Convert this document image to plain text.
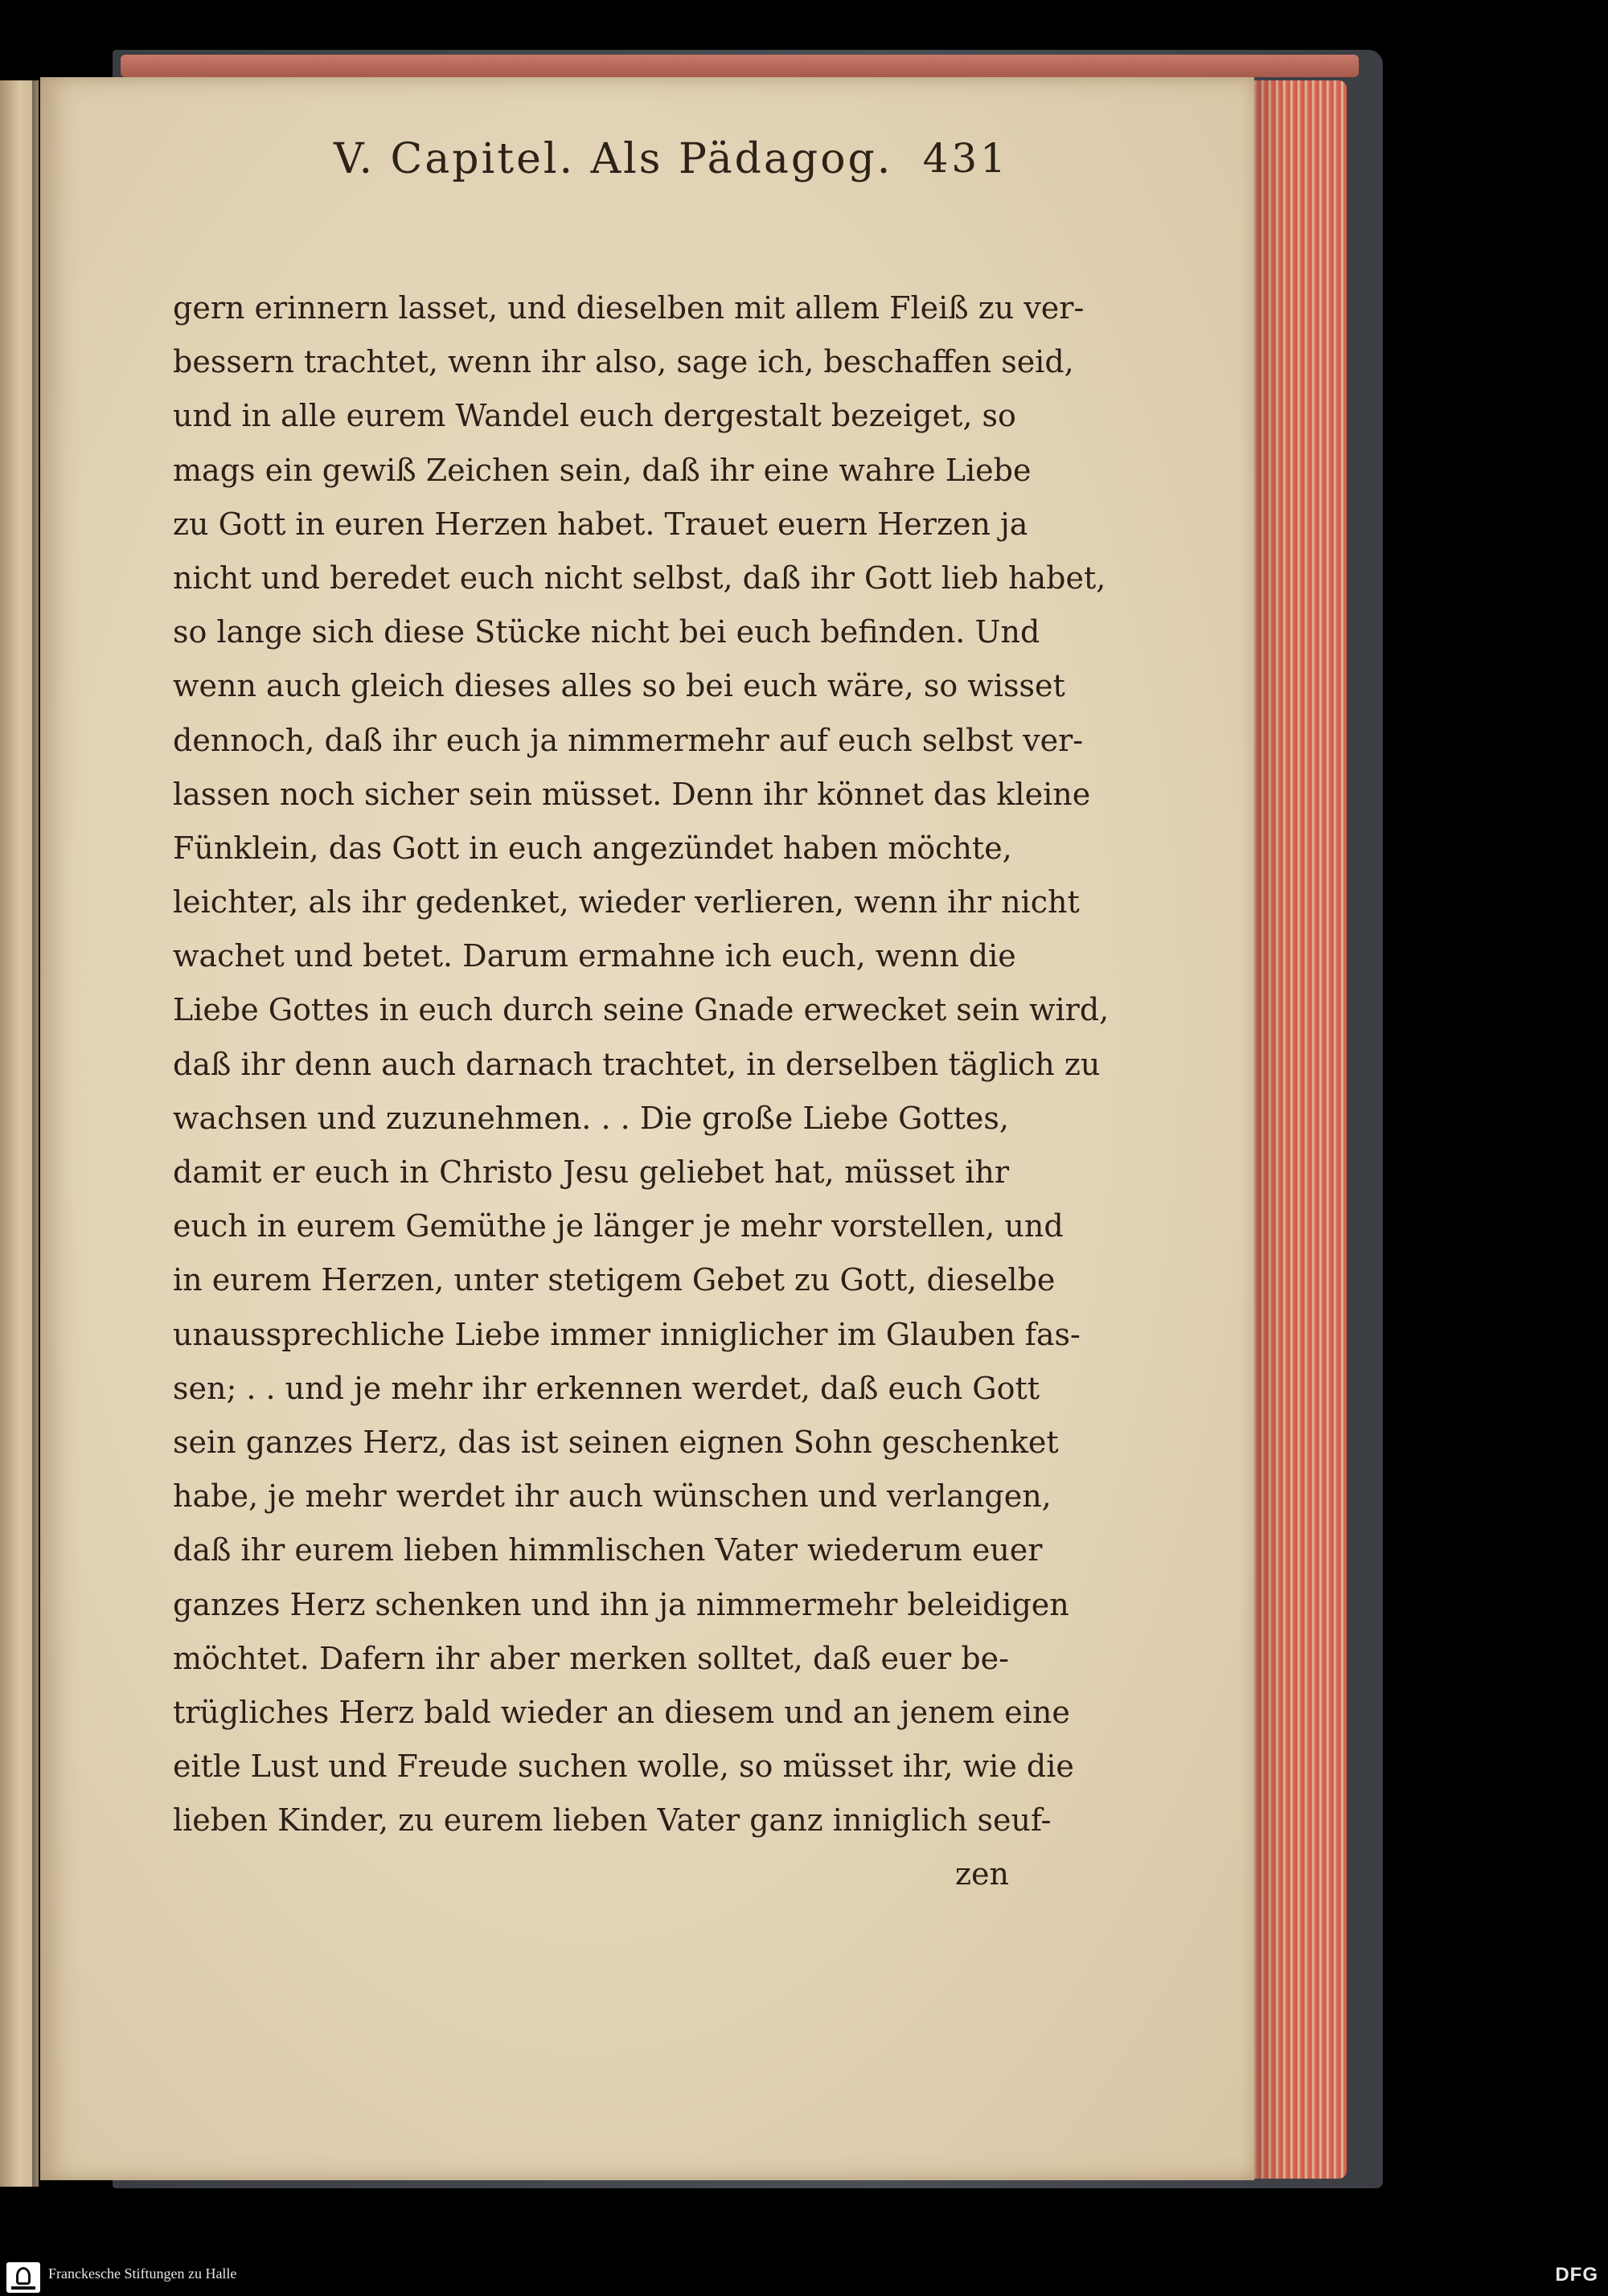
V. Capitel. Als Pädagog. 431
gern erinnern lasset, und dieselben mit allem Fleiß zu ver-
bessern trachtet, wenn ihr also, sage ich, beschaffen seid,
und in alle eurem Wandel euch dergestalt bezeiget, so
mags ein gewiß Zeichen sein, daß ihr eine wahre Liebe
zu Gott in euren Herzen habet. Trauet euern Herzen ja
nicht und beredet euch nicht selbst, daß ihr Gott lieb habet,
so lange sich diese Stücke nicht bei euch befinden. Und
wenn auch gleich dieses alles so bei euch wäre, so wisset
dennoch, daß ihr euch ja nimmermehr auf euch selbst ver-
lassen noch sicher sein müsset. Denn ihr könnet das kleine
Fünklein, das Gott in euch angezündet haben möchte,
leichter, als ihr gedenket, wieder verlieren, wenn ihr nicht
wachet und betet. Darum ermahne ich euch, wenn die
Liebe Gottes in euch durch seine Gnade erwecket sein wird,
daß ihr denn auch darnach trachtet, in derselben täglich zu
wachsen und zuzunehmen. . . Die große Liebe Gottes,
damit er euch in Christo Jesu geliebet hat, müsset ihr
euch in eurem Gemüthe je länger je mehr vorstellen, und
in eurem Herzen, unter stetigem Gebet zu Gott, dieselbe
unaussprechliche Liebe immer inniglicher im Glauben fas-
sen; . . und je mehr ihr erkennen werdet, daß euch Gott
sein ganzes Herz, das ist seinen eignen Sohn geschenket
habe, je mehr werdet ihr auch wünschen und verlangen,
daß ihr eurem lieben himmlischen Vater wiederum euer
ganzes Herz schenken und ihn ja nimmermehr beleidigen
möchtet. Dafern ihr aber merken solltet, daß euer be-
trügliches Herz bald wieder an diesem und an jenem eine
eitle Lust und Freude suchen wolle, so müsset ihr, wie die
lieben Kinder, zu eurem lieben Vater ganz inniglich seuf-
zen
Franckesche Stiftungen zu Halle	DFG
